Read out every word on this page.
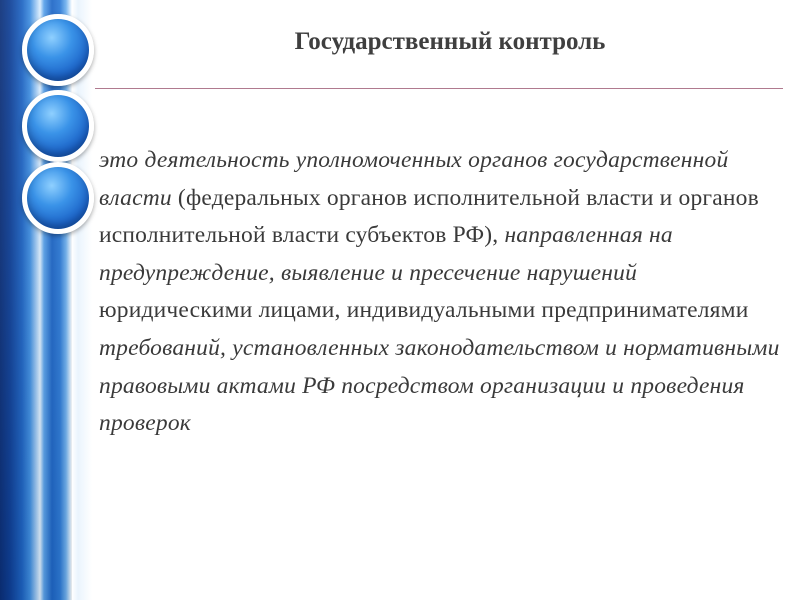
Государственный контроль
это деятельность уполномоченных органов государственной власти (федеральных органов исполнительной власти и органов исполнительной власти субъектов РФ), направленная на предупреждение, выявление и пресечение нарушений юридическими лицами, индивидуальными предпринимателями требований, установленных законодательством и нормативными правовыми актами РФ посредством организации и проведения проверок
